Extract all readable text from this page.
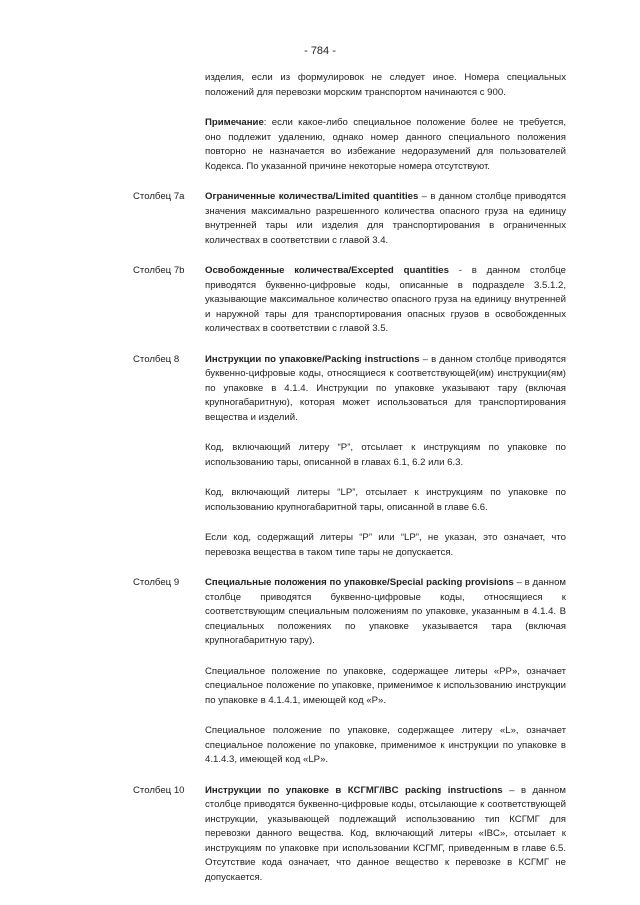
- 784 -
изделия, если из формулировок не следует иное. Номера специальных положений для перевозки морским транспортом начинаются с 900.
Примечание: если какое-либо специальное положение более не требуется, оно подлежит удалению, однако номер данного специального положения повторно не назначается во избежание недоразумений для пользователей Кодекса. По указанной причине некоторые номера отсутствуют.
Столбец 7a	Ограниченные количества/Limited quantities – в данном столбце приводятся значения максимально разрешенного количества опасного груза на единицу внутренней тары или изделия для транспортирования в ограниченных количествах в соответствии с главой 3.4.
Столбец 7b	Освобожденные количества/Excepted quantities - в данном столбце приводятся буквенно-цифровые коды, описанные в подразделе 3.5.1.2, указывающие максимальное количество опасного груза на единицу внутренней и наружной тары для транспортирования опасных грузов в освобожденных количествах в соответствии с главой 3.5.
Столбец 8	Инструкции по упаковке/Packing instructions – в данном столбце приводятся буквенно-цифровые коды, относящиеся к соответствующей(им) инструкции(ям) по упаковке в 4.1.4. Инструкции по упаковке указывают тару (включая крупногабаритную), которая может использоваться для транспортирования вещества и изделий.
Код, включающий литеру “P”, отсылает к инструкциям по упаковке по использованию тары, описанной в главах 6.1, 6.2 или 6.3.
Код, включающий литеры “LP”, отсылает к инструкциям по упаковке по использованию крупногабаритной тары, описанной в главе 6.6.
Если код, содержащий литеры “P” или “LP”, не указан, это означает, что перевозка вещества в таком типе тары не допускается.
Столбец 9	Специальные положения по упаковке/Special packing provisions – в данном столбце приводятся буквенно-цифровые коды, относящиеся к соответствующим специальным положениям по упаковке, указанным в 4.1.4. В специальных положениях по упаковке указывается тара (включая крупногабаритную тару).
Специальное положение по упаковке, содержащее литеры «PP», означает специальное положение по упаковке, применимое к использованию инструкции по упаковке в 4.1.4.1, имеющей код «P».
Специальное положение по упаковке, содержащее литеру «L», означает специальное положение по упаковке, применимое к инструкции по упаковке в 4.1.4.3, имеющей код «LP».
Столбец 10	Инструкции по упаковке в КСГМГ/IBC packing instructions – в данном столбце приводятся буквенно-цифровые коды, отсылающие к соответствующей инструкции, указывающей подлежащий использованию тип КСГМГ для перевозки данного вещества. Код, включающий литеры «IBC», отсылает к инструкциям по упаковке при использовании КСГМГ, приведенным в главе 6.5. Отсутствие кода означает, что данное вещество к перевозке в КСГМГ не допускается.
